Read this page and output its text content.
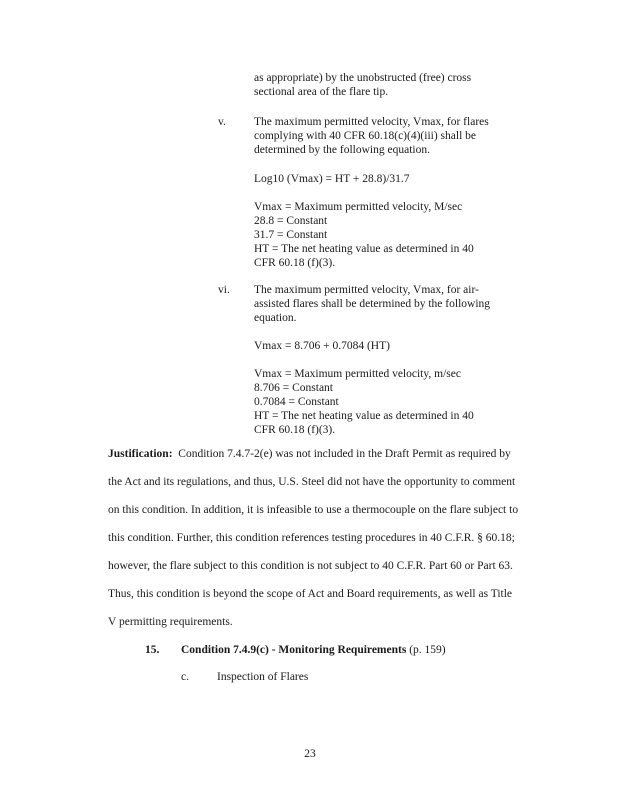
as appropriate) by the unobstructed (free) cross
sectional area of the flare tip.
v. The maximum permitted velocity, Vmax, for flares
complying with 40 CFR 60.18(c)(4)(iii) shall be
determined by the following equation.
Log10 (Vmax) = HT + 28.8)/31.7
Vmax = Maximum permitted velocity, M/sec
28.8 = Constant
31.7 = Constant
HT = The net heating value as determined in 40
CFR 60.18 (f)(3).
vi. The maximum permitted velocity, Vmax, for air-
assisted flares shall be determined by the following
equation.
Vmax = 8.706 + 0.7084 (HT)
Vmax = Maximum permitted velocity, m/sec
8.706 = Constant
0.7084 = Constant
HT = The net heating value as determined in 40
CFR 60.18 (f)(3).
Justification: Condition 7.4.7-2(e) was not included in the Draft Permit as required by
the Act and its regulations, and thus, U.S. Steel did not have the opportunity to comment
on this condition. In addition, it is infeasible to use a thermocouple on the flare subject to
this condition. Further, this condition references testing procedures in 40 C.F.R. § 60.18;
however, the flare subject to this condition is not subject to 40 C.F.R. Part 60 or Part 63.
Thus, this condition is beyond the scope of Act and Board requirements, as well as Title
V permitting requirements.
15. Condition 7.4.9(c) - Monitoring Requirements (p. 159)
c. Inspection of Flares
23
